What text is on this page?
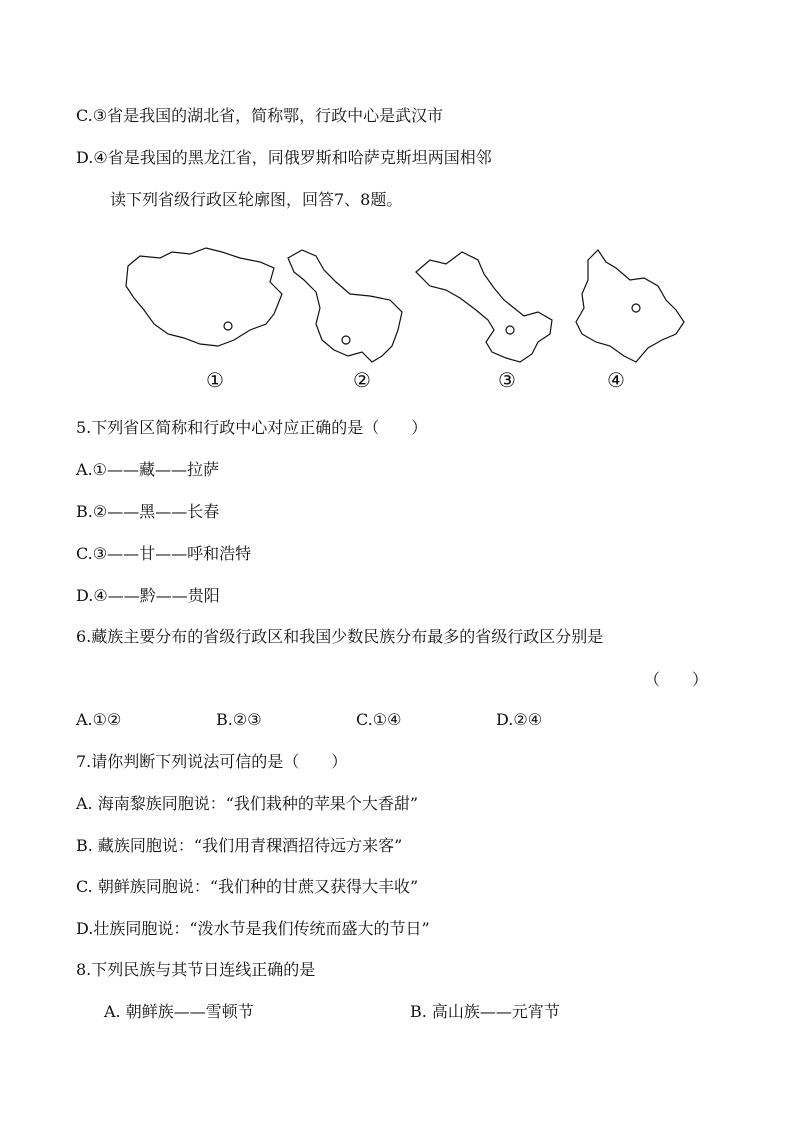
C.③省是我国的湖北省，简称鄂，行政中心是武汉市
D.④省是我国的黑龙江省，同俄罗斯和哈萨克斯坦两国相邻
读下列省级行政区轮廓图，回答7、8题。
①	②	③	④
5.下列省区简称和行政中心对应正确的是（　　）
A.①——藏——拉萨
B.②——黑——长春
C.③——甘——呼和浩特
D.④——黔——贵阳
6.藏族主要分布的省级行政区和我国少数民族分布最多的省级行政区分别是
（　　）
A.①②	B.②③	C.①④	D.②④
7.请你判断下列说法可信的是（　　）
A. 海南黎族同胞说：“我们栽种的苹果个大香甜”
B. 藏族同胞说：“我们用青稞酒招待远方来客”
C. 朝鲜族同胞说：“我们种的甘蔗又获得大丰收”
D.壮族同胞说：“泼水节是我们传统而盛大的节日”
8.下列民族与其节日连线正确的是
A. 朝鲜族——雪顿节	B. 高山族——元宵节
